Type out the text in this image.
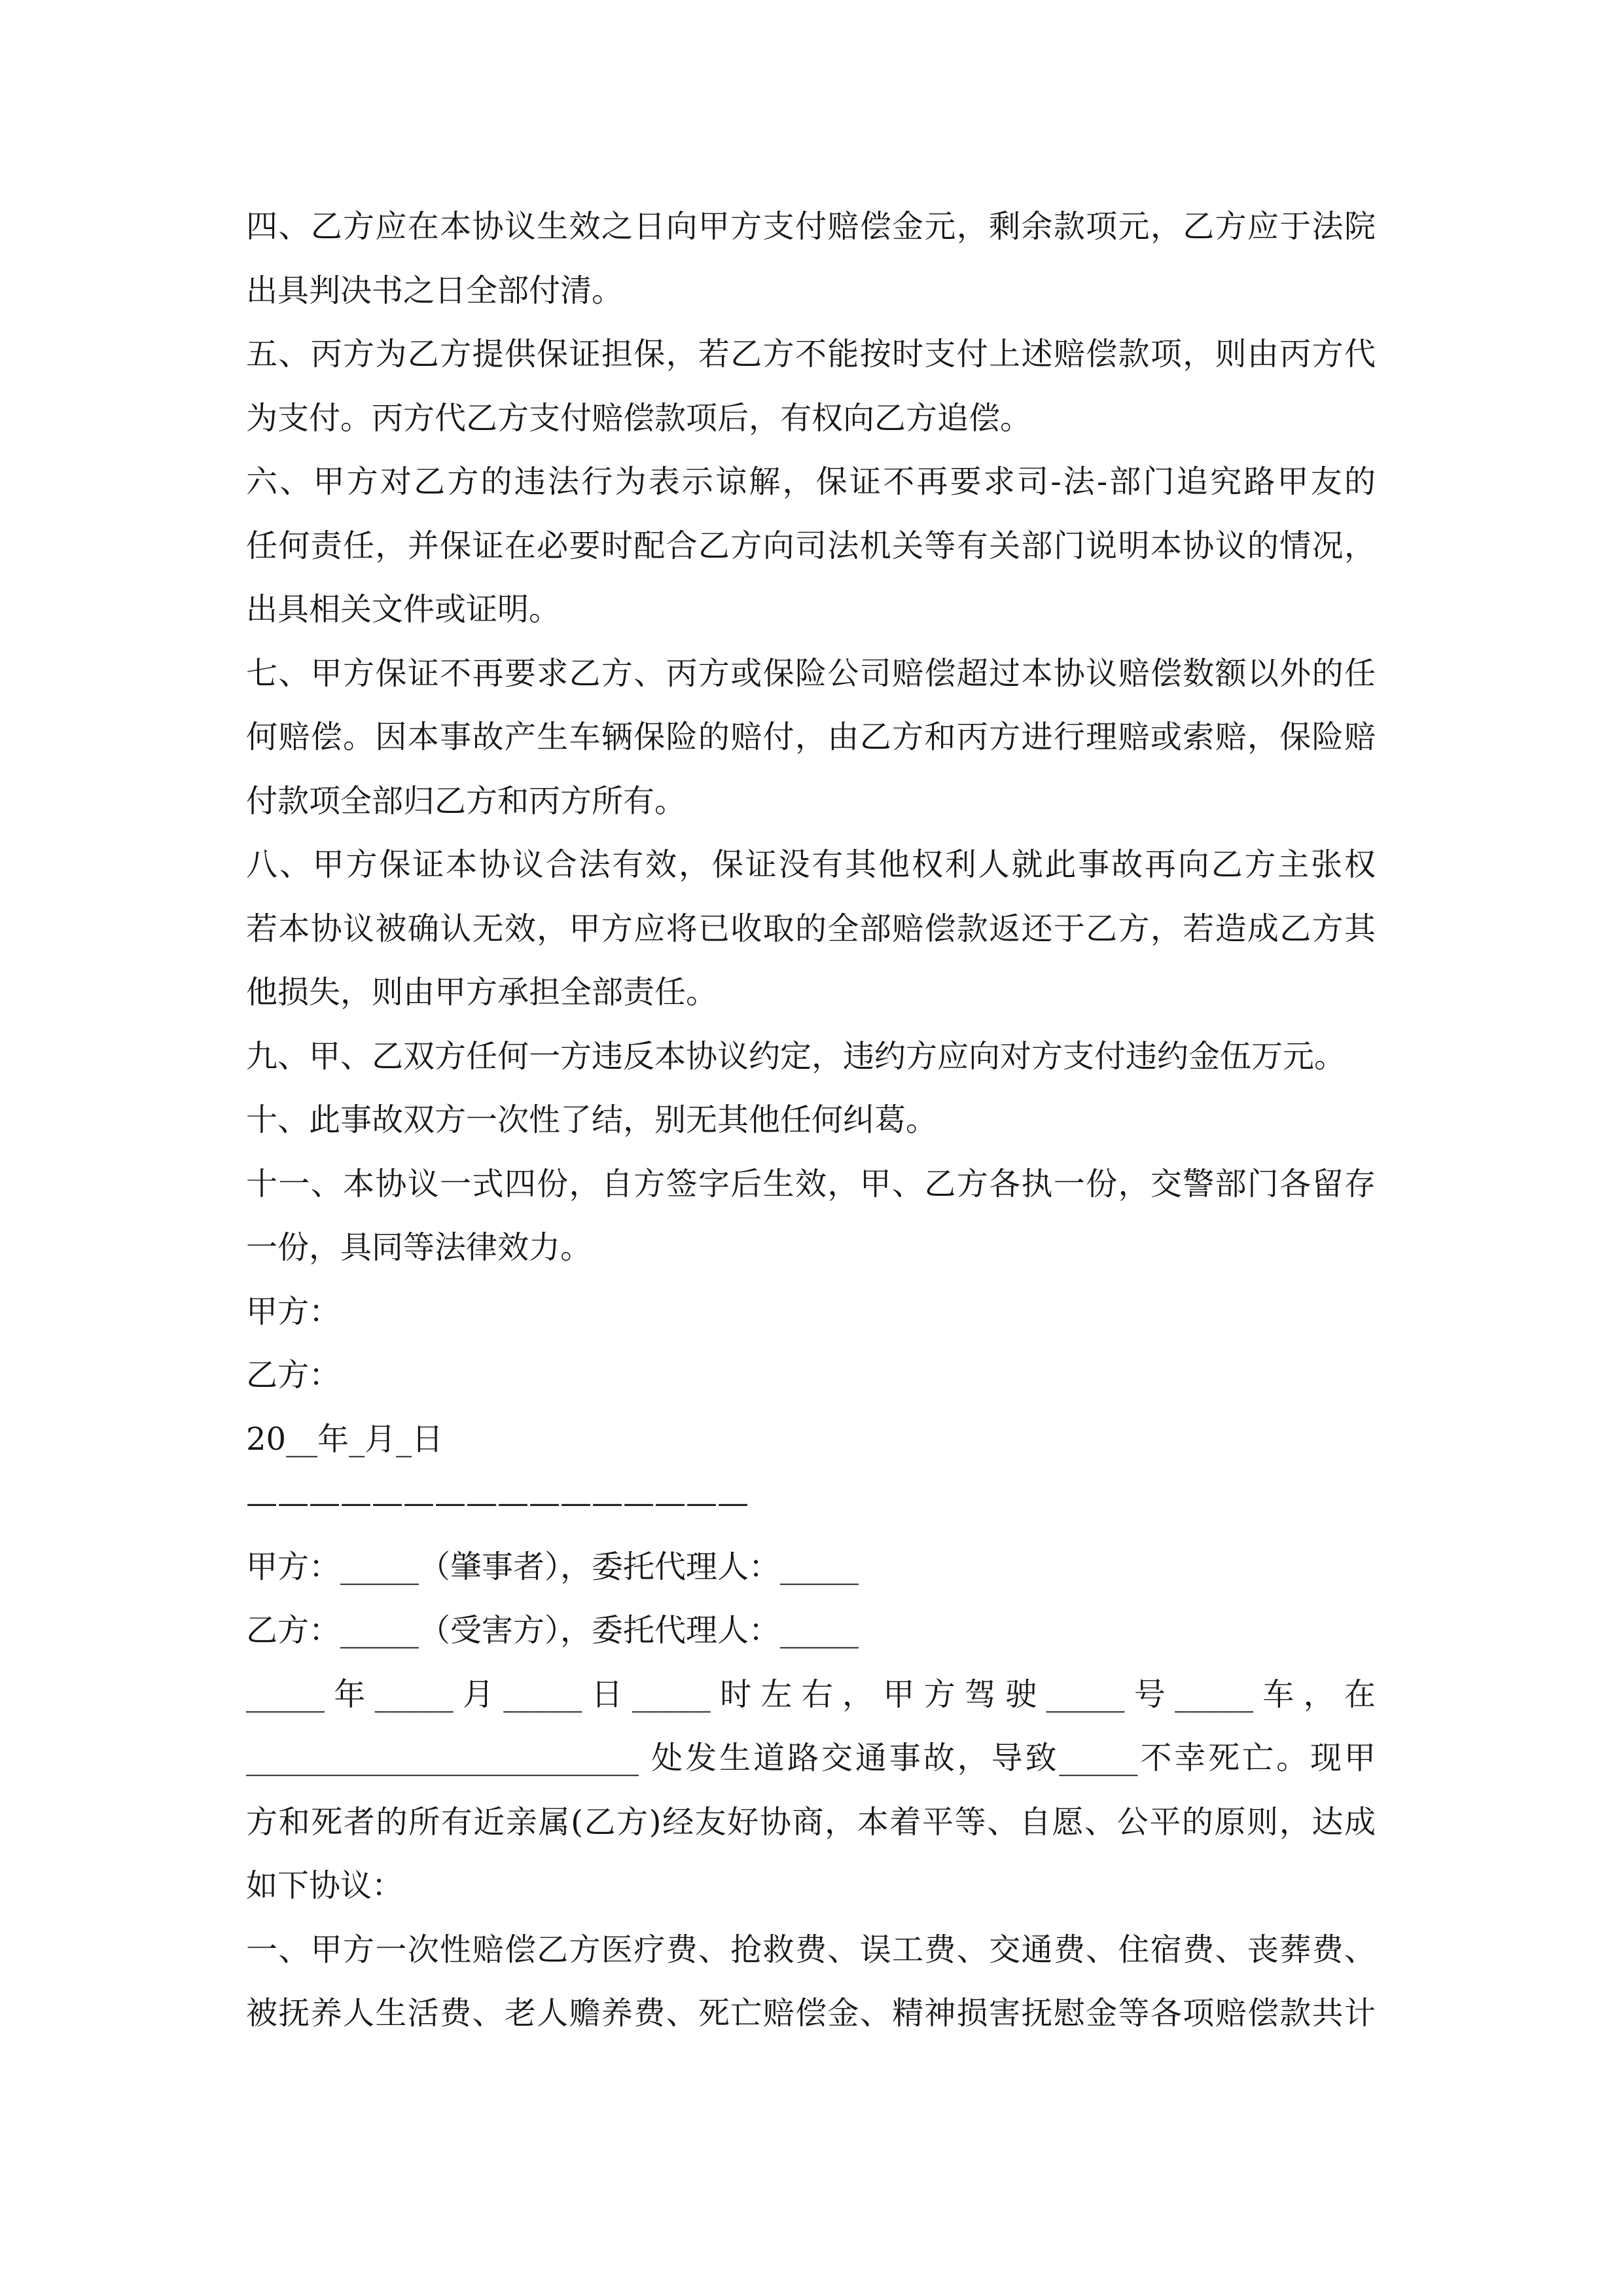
四、乙方应在本协议生效之日向甲方支付赔偿金元，剩余款项元，乙方应于法院
出具判决书之日全部付清。
五、丙方为乙方提供保证担保，若乙方不能按时支付上述赔偿款项，则由丙方代
为支付。丙方代乙方支付赔偿款项后，有权向乙方追偿。
六、甲方对乙方的违法行为表示谅解，保证不再要求司-法-部门追究路甲友的
任何责任，并保证在必要时配合乙方向司法机关等有关部门说明本协议的情况，
出具相关文件或证明。
七、甲方保证不再要求乙方、丙方或保险公司赔偿超过本协议赔偿数额以外的任
何赔偿。因本事故产生车辆保险的赔付，由乙方和丙方进行理赔或索赔，保险赔
付款项全部归乙方和丙方所有。
八、甲方保证本协议合法有效，保证没有其他权利人就此事故再向乙方主张权
若本协议被确认无效，甲方应将已收取的全部赔偿款返还于乙方，若造成乙方其
他损失，则由甲方承担全部责任。
九、甲、乙双方任何一方违反本协议约定，违约方应向对方支付违约金伍万元。
十、此事故双方一次性了结，别无其他任何纠葛。
十一、本协议一式四份，自方签字后生效，甲、乙方各执一份，交警部门各留存
一份，具同等法律效力。
甲方：
乙方：
20__年_月_日
————————————————
甲方：_____（肇事者），委托代理人：_____
乙方：_____（受害方），委托代理人：_____
_____年_____月_____日_____时左右，甲方驾驶_____号_____车，在
_________________________ 处发生道路交通事故，导致_____不幸死亡。现甲
方和死者的所有近亲属(乙方)经友好协商，本着平等、自愿、公平的原则，达成
如下协议：
一、甲方一次性赔偿乙方医疗费、抢救费、误工费、交通费、住宿费、丧葬费、
被抚养人生活费、老人赡养费、死亡赔偿金、精神损害抚慰金等各项赔偿款共计
